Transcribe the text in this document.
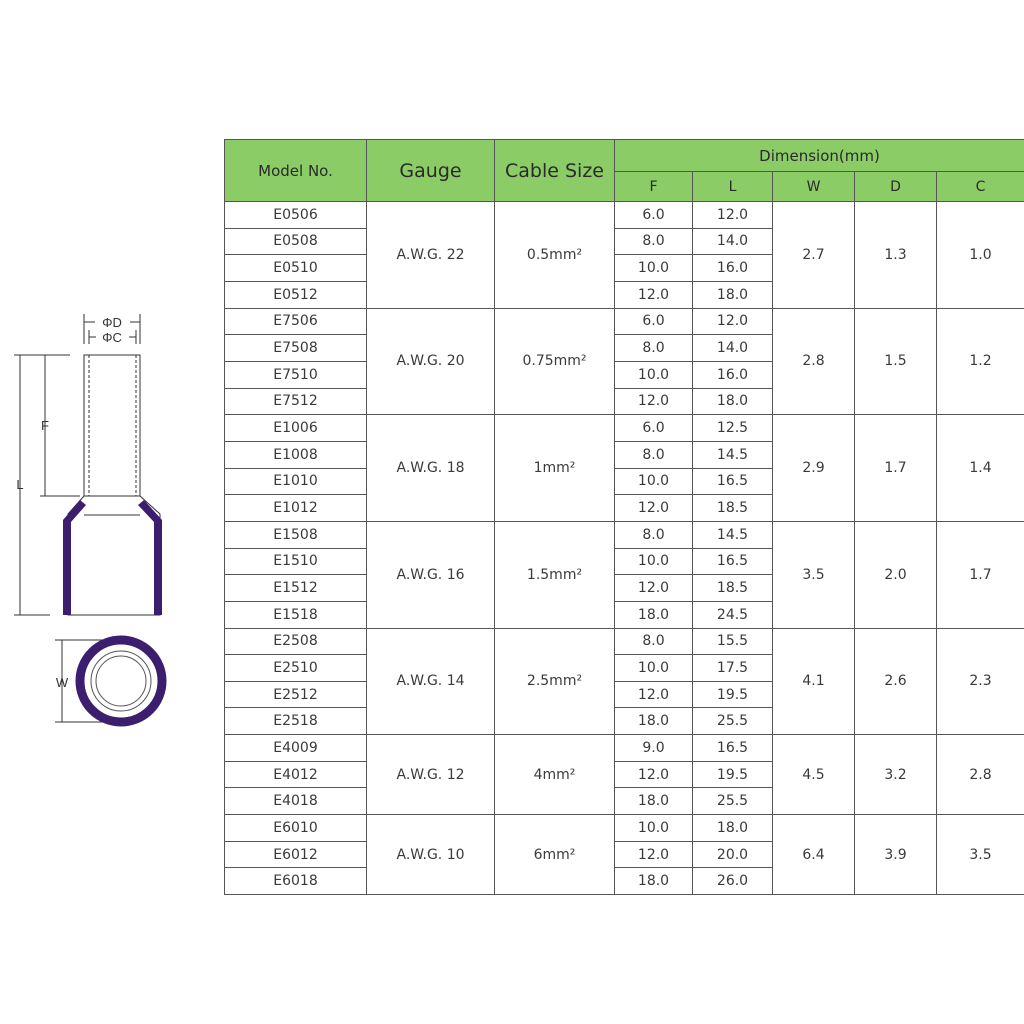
ΦD
ΦC
F
L
W
Model No.	Gauge	Cable Size	Dimension(mm)				
			F	L	W	D	C
E0506	A.W.G. 22	0.5mm²	6.0	12.0	2.7	1.3	1.0
E0508			8.0	14.0			
E0510			10.0	16.0			
E0512			12.0	18.0			
E7506	A.W.G. 20	0.75mm²	6.0	12.0	2.8	1.5	1.2
E7508			8.0	14.0			
E7510			10.0	16.0			
E7512			12.0	18.0			
E1006	A.W.G. 18	1mm²	6.0	12.5	2.9	1.7	1.4
E1008			8.0	14.5			
E1010			10.0	16.5			
E1012			12.0	18.5			
E1508	A.W.G. 16	1.5mm²	8.0	14.5	3.5	2.0	1.7
E1510			10.0	16.5			
E1512			12.0	18.5			
E1518			18.0	24.5			
E2508	A.W.G. 14	2.5mm²	8.0	15.5	4.1	2.6	2.3
E2510			10.0	17.5			
E2512			12.0	19.5			
E2518			18.0	25.5			
E4009	A.W.G. 12	4mm²	9.0	16.5	4.5	3.2	2.8
E4012			12.0	19.5			
E4018			18.0	25.5			
E6010	A.W.G. 10	6mm²	10.0	18.0	6.4	3.9	3.5
E6012			12.0	20.0			
E6018			18.0	26.0			
